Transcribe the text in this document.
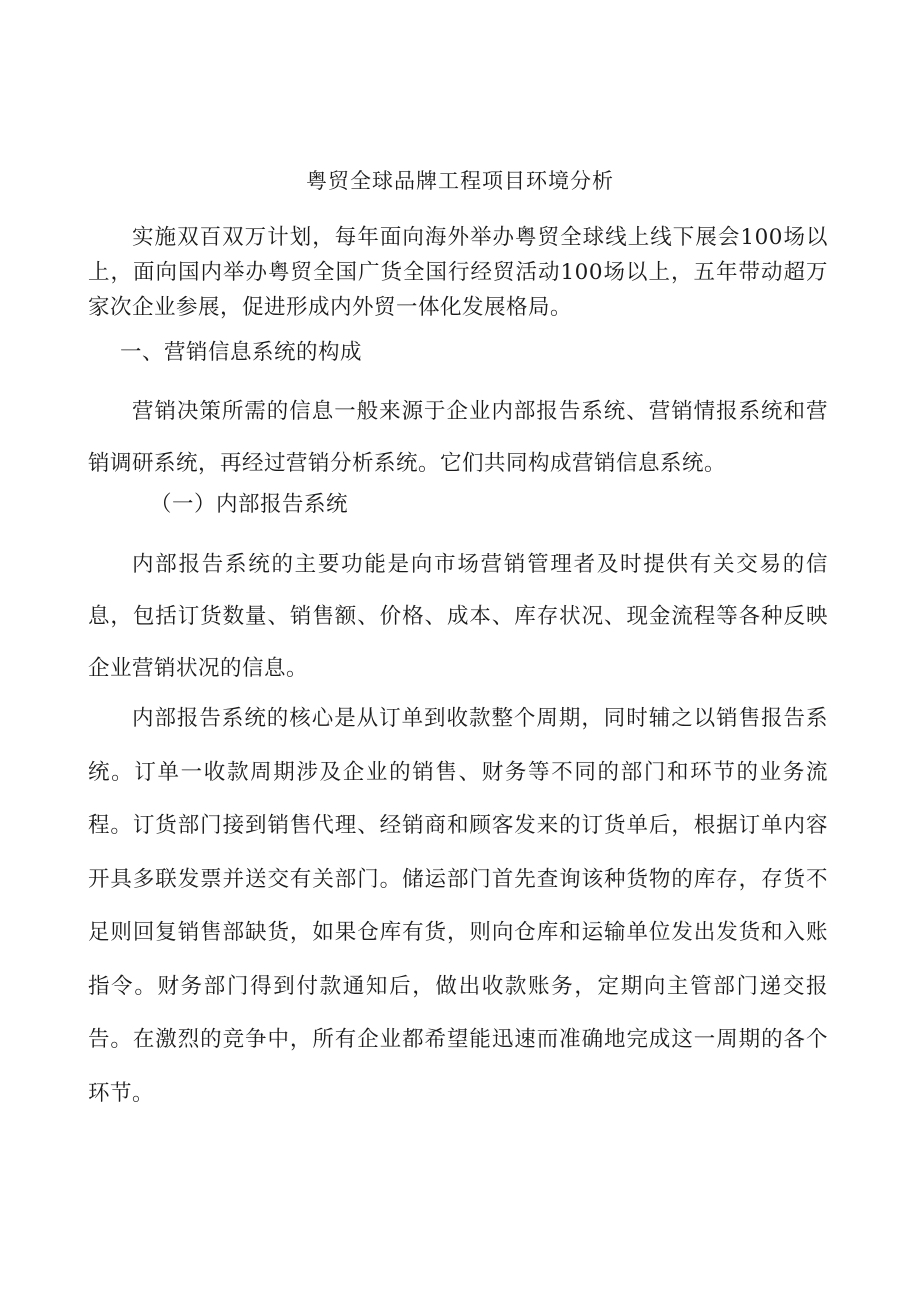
粤贸全球品牌工程项目环境分析

实施双百双万计划，每年面向海外举办粤贸全球线上线下展会100场以上，面向国内举办粤贸全国广货全国行经贸活动100场以上，五年带动超万家次企业参展，促进形成内外贸一体化发展格局。

一、营销信息系统的构成

营销决策所需的信息一般来源于企业内部报告系统、营销情报系统和营销调研系统，再经过营销分析系统。它们共同构成营销信息系统。

（一）内部报告系统

内部报告系统的主要功能是向市场营销管理者及时提供有关交易的信息，包括订货数量、销售额、价格、成本、库存状况、现金流程等各种反映企业营销状况的信息。

内部报告系统的核心是从订单到收款整个周期，同时辅之以销售报告系统。订单一收款周期涉及企业的销售、财务等不同的部门和环节的业务流程。订货部门接到销售代理、经销商和顾客发来的订货单后，根据订单内容开具多联发票并送交有关部门。储运部门首先查询该种货物的库存，存货不足则回复销售部缺货，如果仓库有货，则向仓库和运输单位发出发货和入账指令。财务部门得到付款通知后，做出收款账务，定期向主管部门递交报告。在激烈的竞争中，所有企业都希望能迅速而准确地完成这一周期的各个环节。
